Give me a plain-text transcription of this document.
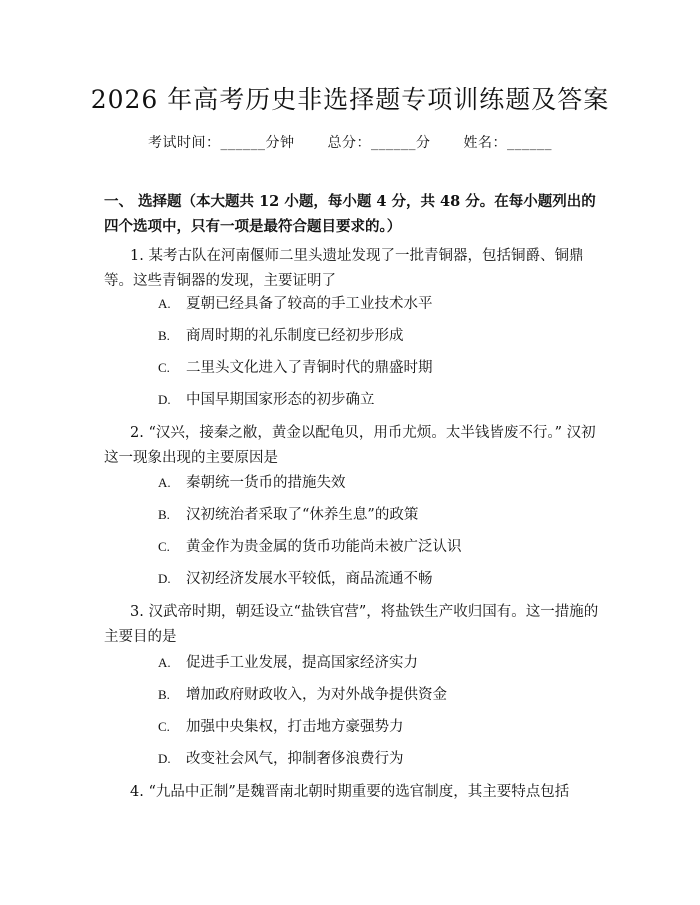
2026 年高考历史非选择题专项训练题及答案
考试时间：______分钟 总分：______分 姓名：______
一、 选择题（本大题共 12 小题，每小题 4 分，共 48 分。在每小题列出的四个选项中，只有一项是最符合题目要求的。）
1. 某考古队在河南偃师二里头遗址发现了一批青铜器，包括铜爵、铜鼎等。这些青铜器的发现，主要证明了
A. 夏朝已经具备了较高的手工业技术水平
B. 商周时期的礼乐制度已经初步形成
C. 二里头文化进入了青铜时代的鼎盛时期
D. 中国早期国家形态的初步确立
2. “汉兴，接秦之敝，黄金以配龟贝，用币尤烦。太半钱皆废不行。” 汉初这一现象出现的主要原因是
A. 秦朝统一货币的措施失效
B. 汉初统治者采取了“休养生息”的政策
C. 黄金作为贵金属的货币功能尚未被广泛认识
D. 汉初经济发展水平较低，商品流通不畅
3. 汉武帝时期，朝廷设立“盐铁官营”，将盐铁生产收归国有。这一措施的主要目的是
A. 促进手工业发展，提高国家经济实力
B. 增加政府财政收入，为对外战争提供资金
C. 加强中央集权，打击地方豪强势力
D. 改变社会风气，抑制奢侈浪费行为
4. “九品中正制”是魏晋南北朝时期重要的选官制度，其主要特点包括
